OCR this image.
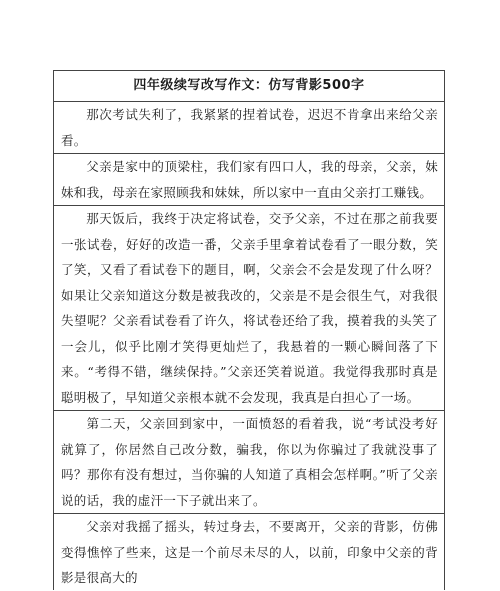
四年级续写改写作文：仿写背影500字
那次考试失利了，我紧紧的捏着试卷，迟迟不肯拿出来给父亲看。
父亲是家中的顶梁柱，我们家有四口人，我的母亲，父亲，妹妹和我，母亲在家照顾我和妹妹，所以家中一直由父亲打工赚钱。
那天饭后，我终于决定将试卷，交予父亲，不过在那之前我要一张试卷，好好的改造一番，父亲手里拿着试卷看了一眼分数，笑了笑，又看了看试卷下的题目，啊，父亲会不会是发现了什么呀？如果让父亲知道这分数是被我改的，父亲是不是会很生气，对我很失望呢？父亲看试卷看了许久，将试卷还给了我，摸着我的头笑了一会儿，似乎比刚才笑得更灿烂了，我悬着的一颗心瞬间落了下来。“考得不错，继续保持。”父亲还笑着说道。我觉得我那时真是聪明极了，早知道父亲根本就不会发现，我真是白担心了一场。
第二天，父亲回到家中，一面愤怒的看着我，说“考试没考好就算了，你居然自己改分数，骗我，你以为你骗过了我就没事了吗？那你有没有想过，当你骗的人知道了真相会怎样啊。”听了父亲说的话，我的虚汗一下子就出来了。
父亲对我摇了摇头，转过身去，不要离开，父亲的背影，仿佛变得憔悴了些来，这是一个前尽未尽的人，以前，印象中父亲的背影是很高大的
